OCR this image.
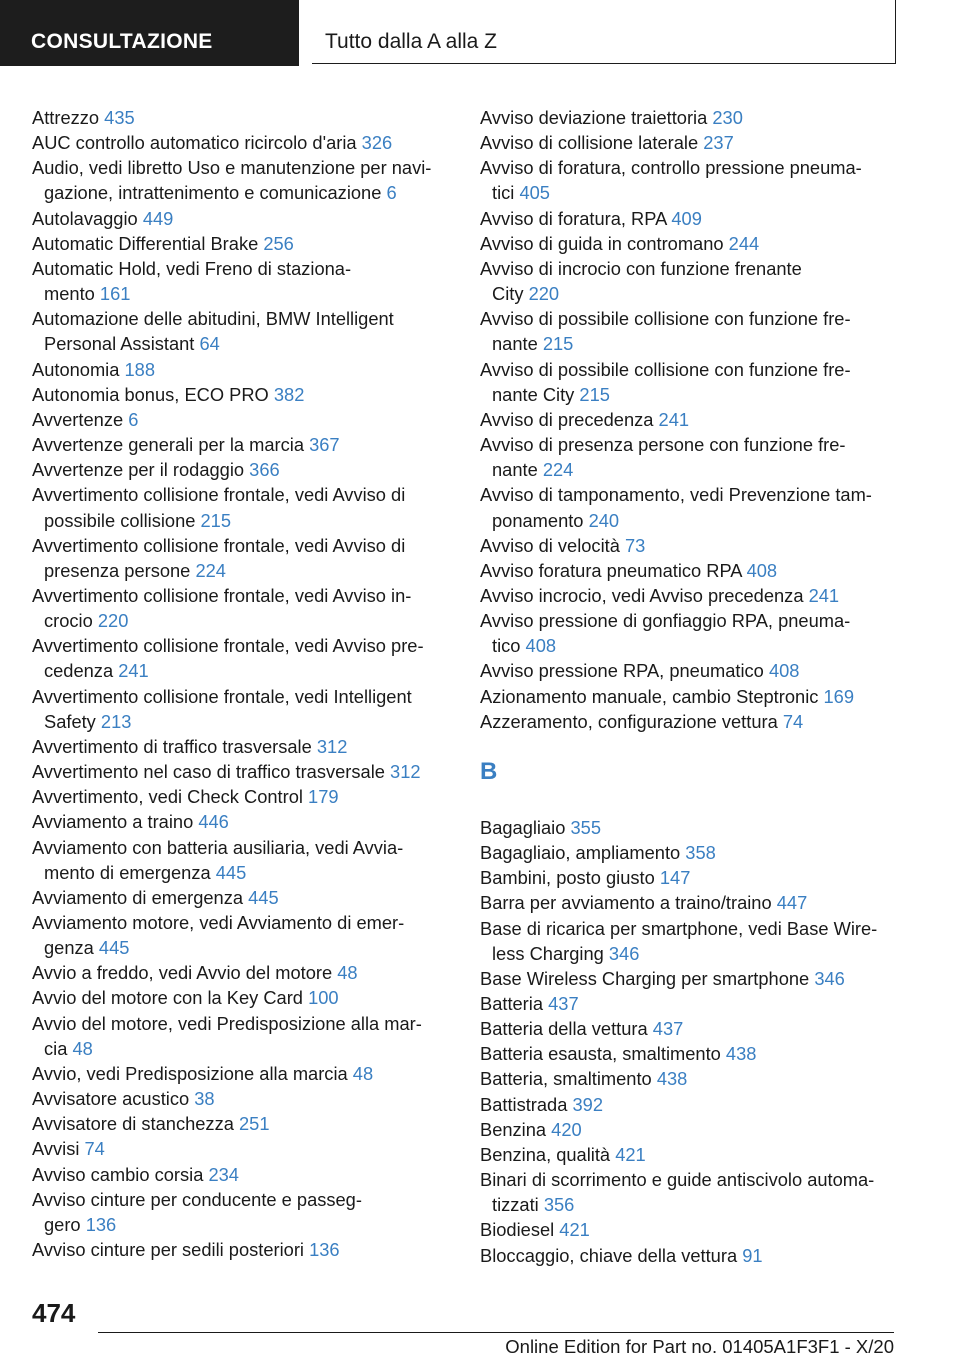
CONSULTAZIONE	Tutto dalla A alla Z
Attrezzo 435
AUC controllo automatico ricircolo d'aria 326
Audio, vedi libretto Uso e manutenzione per navi-
gazione, intrattenimento e comunicazione 6
Autolavaggio 449
Automatic Differential Brake 256
Automatic Hold, vedi Freno di staziona-
mento 161
Automazione delle abitudini, BMW Intelligent
Personal Assistant 64
Autonomia 188
Autonomia bonus, ECO PRO 382
Avvertenze 6
Avvertenze generali per la marcia 367
Avvertenze per il rodaggio 366
Avvertimento collisione frontale, vedi Avviso di
possibile collisione 215
Avvertimento collisione frontale, vedi Avviso di
presenza persone 224
Avvertimento collisione frontale, vedi Avviso in-
crocio 220
Avvertimento collisione frontale, vedi Avviso pre-
cedenza 241
Avvertimento collisione frontale, vedi Intelligent
Safety 213
Avvertimento di traffico trasversale 312
Avvertimento nel caso di traffico trasversale 312
Avvertimento, vedi Check Control 179
Avviamento a traino 446
Avviamento con batteria ausiliaria, vedi Avvia-
mento di emergenza 445
Avviamento di emergenza 445
Avviamento motore, vedi Avviamento di emer-
genza 445
Avvio a freddo, vedi Avvio del motore 48
Avvio del motore con la Key Card 100
Avvio del motore, vedi Predisposizione alla mar-
cia 48
Avvio, vedi Predisposizione alla marcia 48
Avvisatore acustico 38
Avvisatore di stanchezza 251
Avvisi 74
Avviso cambio corsia 234
Avviso cinture per conducente e passeg-
gero 136
Avviso cinture per sedili posteriori 136
Avviso deviazione traiettoria 230
Avviso di collisione laterale 237
Avviso di foratura, controllo pressione pneuma-
tici 405
Avviso di foratura, RPA 409
Avviso di guida in contromano 244
Avviso di incrocio con funzione frenante
City 220
Avviso di possibile collisione con funzione fre-
nante 215
Avviso di possibile collisione con funzione fre-
nante City 215
Avviso di precedenza 241
Avviso di presenza persone con funzione fre-
nante 224
Avviso di tamponamento, vedi Prevenzione tam-
ponamento 240
Avviso di velocità 73
Avviso foratura pneumatico RPA 408
Avviso incrocio, vedi Avviso precedenza 241
Avviso pressione di gonfiaggio RPA, pneuma-
tico 408
Avviso pressione RPA, pneumatico 408
Azionamento manuale, cambio Steptronic 169
Azzeramento, configurazione vettura 74
B
Bagagliaio 355
Bagagliaio, ampliamento 358
Bambini, posto giusto 147
Barra per avviamento a traino/traino 447
Base di ricarica per smartphone, vedi Base Wire-
less Charging 346
Base Wireless Charging per smartphone 346
Batteria 437
Batteria della vettura 437
Batteria esausta, smaltimento 438
Batteria, smaltimento 438
Battistrada 392
Benzina 420
Benzina, qualità 421
Binari di scorrimento e guide antiscivolo automa-
tizzati 356
Biodiesel 421
Bloccaggio, chiave della vettura 91
474
Online Edition for Part no. 01405A1F3F1 - X/20
